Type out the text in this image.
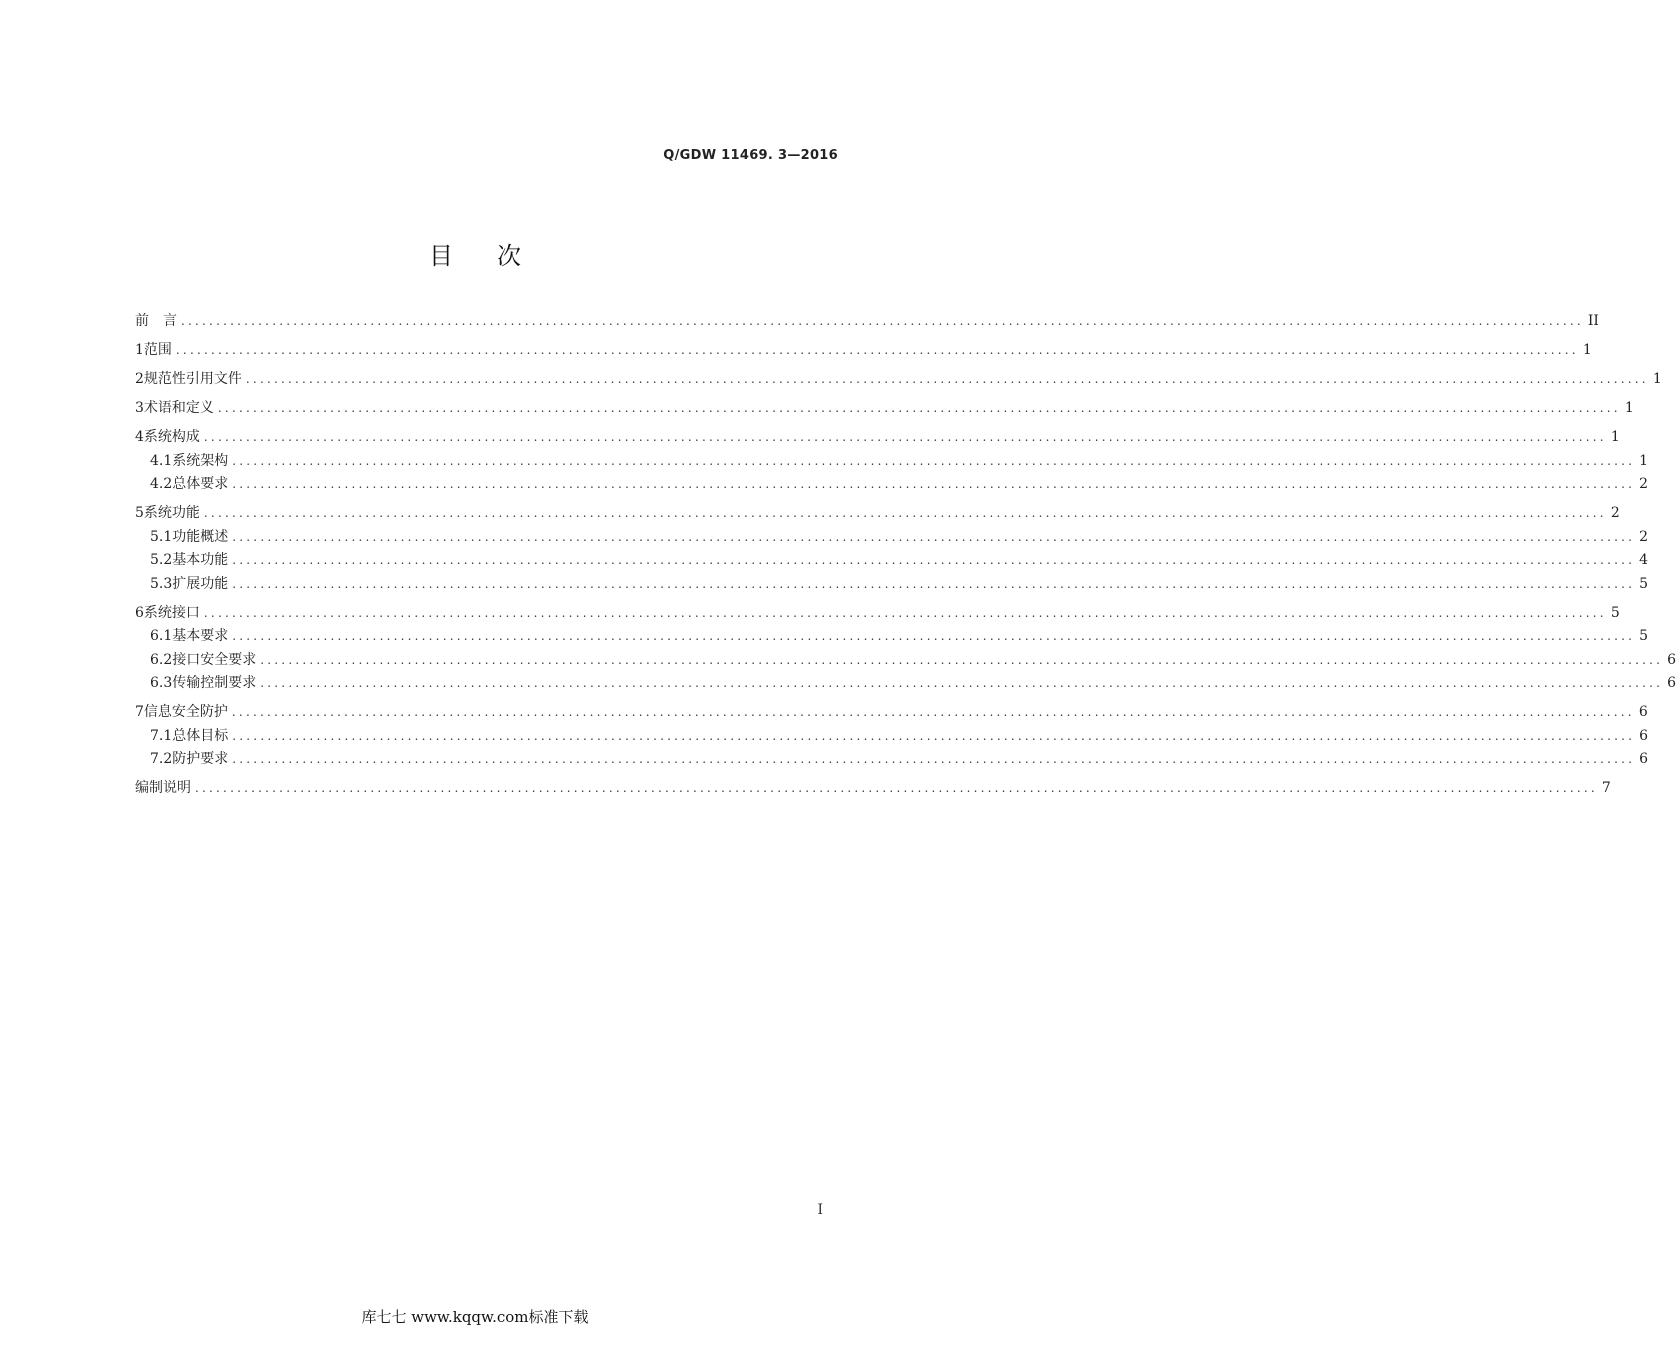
Q/GDW 11469. 3—2016
目次
前　言 ........................................................................................................................................................................................................ II
1 范围 ........................................................................................................................................................................................................ 1
2 规范性引用文件 ........................................................................................................................................................................................................ 1
3 术语和定义 ........................................................................................................................................................................................................ 1
4 系统构成 ........................................................................................................................................................................................................ 1
4.1 系统架构 ........................................................................................................................................................................................................ 1
4.2 总体要求 ........................................................................................................................................................................................................ 2
5 系统功能 ........................................................................................................................................................................................................ 2
5.1 功能概述 ........................................................................................................................................................................................................ 2
5.2 基本功能 ........................................................................................................................................................................................................ 4
5.3 扩展功能 ........................................................................................................................................................................................................ 5
6 系统接口 ........................................................................................................................................................................................................ 5
6.1 基本要求 ........................................................................................................................................................................................................ 5
6.2 接口安全要求 ........................................................................................................................................................................................................ 6
6.3 传输控制要求 ........................................................................................................................................................................................................ 6
7 信息安全防护 ........................................................................................................................................................................................................ 6
7.1 总体目标 ........................................................................................................................................................................................................ 6
7.2 防护要求 ........................................................................................................................................................................................................ 6
编制说明 ........................................................................................................................................................................................................ 7
I
库七七 www.kqqw.com标准下载
